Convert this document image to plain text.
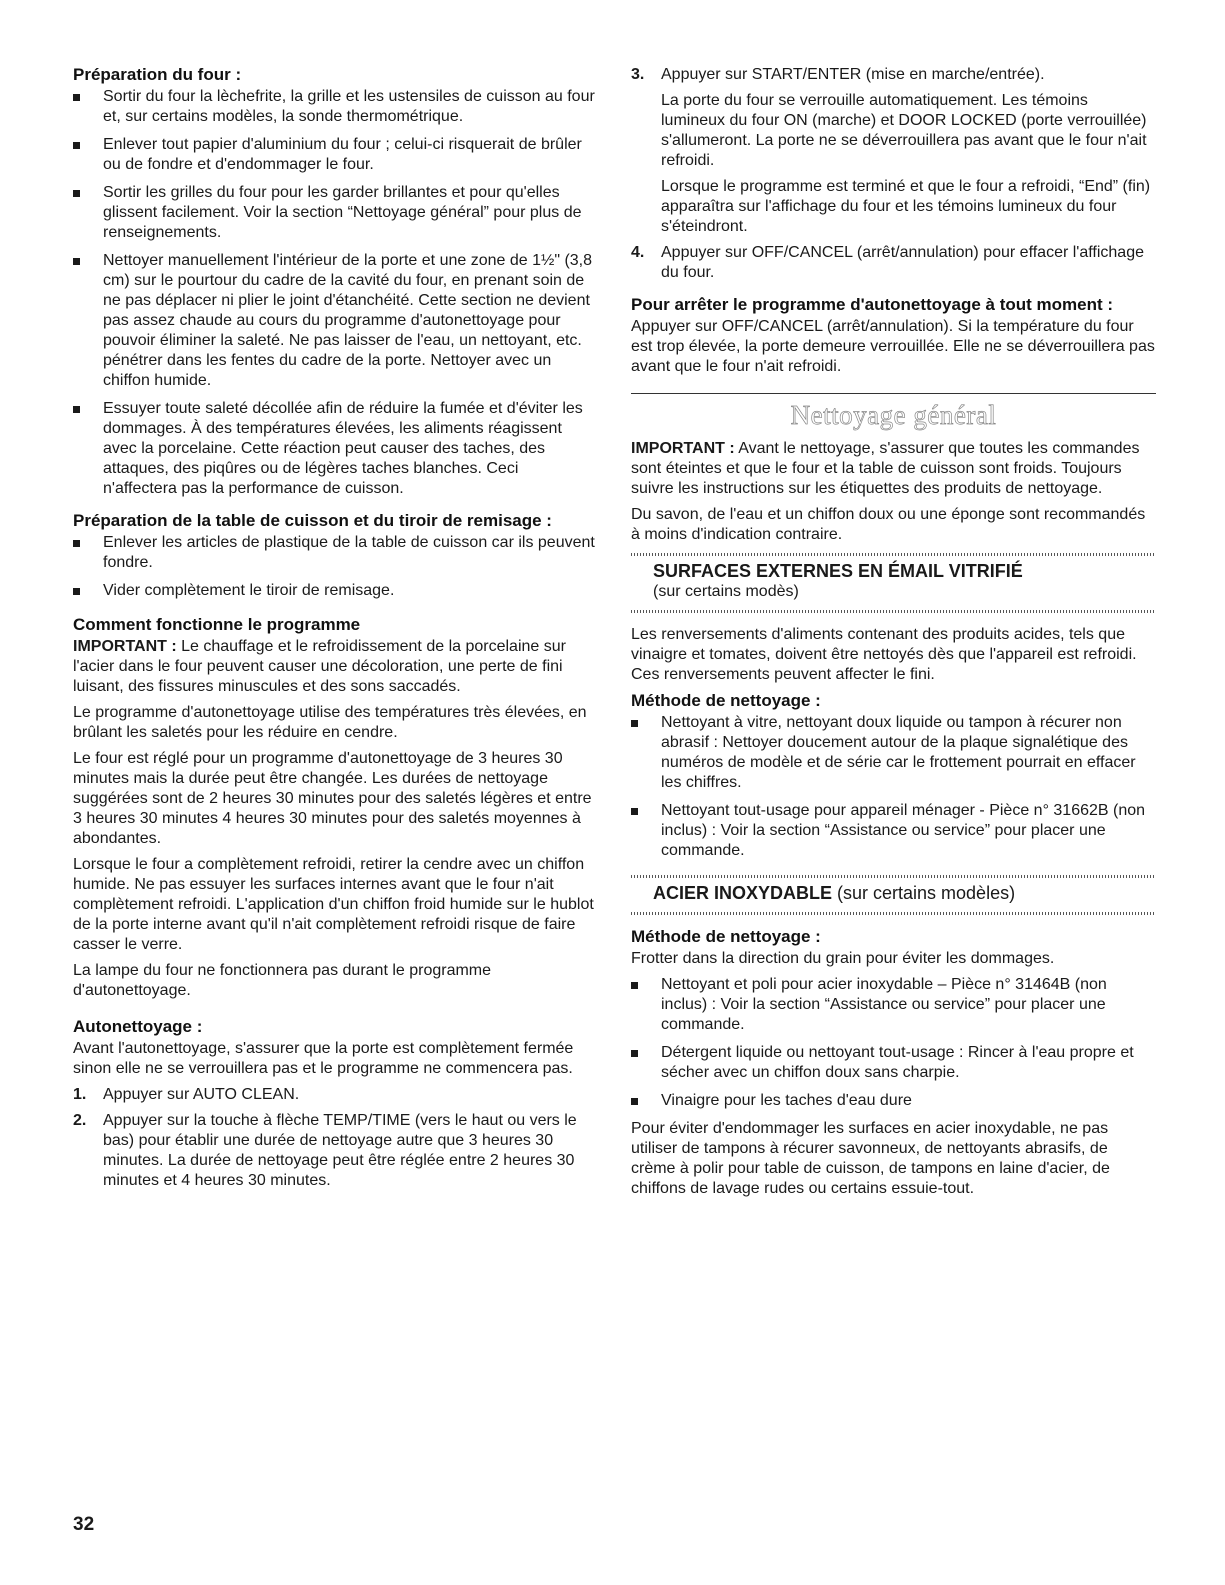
Préparation du four :
Sortir du four la lèchefrite, la grille et les ustensiles de cuisson au four et, sur certains modèles, la sonde thermométrique.
Enlever tout papier d'aluminium du four ; celui-ci risquerait de brûler ou de fondre et d'endommager le four.
Sortir les grilles du four pour les garder brillantes et pour qu'elles glissent facilement. Voir la section “Nettoyage général” pour plus de renseignements.
Nettoyer manuellement l'intérieur de la porte et une zone de 1½" (3,8 cm) sur le pourtour du cadre de la cavité du four, en prenant soin de ne pas déplacer ni plier le joint d'étanchéité. Cette section ne devient pas assez chaude au cours du programme d'autonettoyage pour pouvoir éliminer la saleté. Ne pas laisser de l'eau, un nettoyant, etc. pénétrer dans les fentes du cadre de la porte. Nettoyer avec un chiffon humide.
Essuyer toute saleté décollée afin de réduire la fumée et d'éviter les dommages. À des températures élevées, les aliments réagissent avec la porcelaine. Cette réaction peut causer des taches, des attaques, des piqûres ou de légères taches blanches. Ceci n'affectera pas la performance de cuisson.
Préparation de la table de cuisson et du tiroir de remisage :
Enlever les articles de plastique de la table de cuisson car ils peuvent fondre.
Vider complètement le tiroir de remisage.
Comment fonctionne le programme

IMPORTANT : Le chauffage et le refroidissement de la porcelaine sur l'acier dans le four peuvent causer une décoloration, une perte de fini luisant, des fissures minuscules et des sons saccadés.

Le programme d'autonettoyage utilise des températures très élevées, en brûlant les saletés pour les réduire en cendre.

Le four est réglé pour un programme d'autonettoyage de 3 heures 30 minutes mais la durée peut être changée. Les durées de nettoyage suggérées sont de 2 heures 30 minutes pour des saletés légères et entre 3 heures 30 minutes 4 heures 30 minutes pour des saletés moyennes à abondantes.

Lorsque le four a complètement refroidi, retirer la cendre avec un chiffon humide. Ne pas essuyer les surfaces internes avant que le four n'ait complètement refroidi. L'application d'un chiffon froid humide sur le hublot de la porte interne avant qu'il n'ait complètement refroidi risque de faire casser le verre.

La lampe du four ne fonctionnera pas durant le programme d'autonettoyage.

Autonettoyage :

Avant l'autonettoyage, s'assurer que la porte est complètement fermée sinon elle ne se verrouillera pas et le programme ne commencera pas.

1. Appuyer sur AUTO CLEAN.
2. Appuyer sur la touche à flèche TEMP/TIME (vers le haut ou vers le bas) pour établir une durée de nettoyage autre que 3 heures 30 minutes. La durée de nettoyage peut être réglée entre 2 heures 30 minutes et 4 heures 30 minutes.
3. Appuyer sur START/ENTER (mise en marche/entrée).

La porte du four se verrouille automatiquement. Les témoins lumineux du four ON (marche) et DOOR LOCKED (porte verrouillée) s'allumeront. La porte ne se déverrouillera pas avant que le four n'ait refroidi.

Lorsque le programme est terminé et que le four a refroidi, “End” (fin) apparaîtra sur l'affichage du four et les témoins lumineux du four s'éteindront.

4. Appuyer sur OFF/CANCEL (arrêt/annulation) pour effacer l'affichage du four.
Pour arrêter le programme d'autonettoyage à tout moment :

Appuyer sur OFF/CANCEL (arrêt/annulation). Si la température du four est trop élevée, la porte demeure verrouillée. Elle ne se déverrouillera pas avant que le four n'ait refroidi.

Nettoyage général

IMPORTANT : Avant le nettoyage, s'assurer que toutes les commandes sont éteintes et que le four et la table de cuisson sont froids. Toujours suivre les instructions sur les étiquettes des produits de nettoyage.

Du savon, de l'eau et un chiffon doux ou une éponge sont recommandés à moins d'indication contraire.

SURFACES EXTERNES EN ÉMAIL VITRIFIÉ
(sur certains modès)

Les renversements d'aliments contenant des produits acides, tels que vinaigre et tomates, doivent être nettoyés dès que l'appareil est refroidi. Ces renversements peuvent affecter le fini.

Méthode de nettoyage :
Nettoyant à vitre, nettoyant doux liquide ou tampon à récurer non abrasif : Nettoyer doucement autour de la plaque signalétique des numéros de modèle et de série car le frottement pourrait en effacer les chiffres.
Nettoyant tout-usage pour appareil ménager - Pièce n° 31662B (non inclus) : Voir la section “Assistance ou service” pour placer une commande.
ACIER INOXYDABLE (sur certains modèles)
Méthode de nettoyage :

Frotter dans la direction du grain pour éviter les dommages.

Nettoyant et poli pour acier inoxydable – Pièce n° 31464B (non inclus) : Voir la section “Assistance ou service” pour placer une commande.
Détergent liquide ou nettoyant tout-usage : Rincer à l'eau propre et sécher avec un chiffon doux sans charpie.
Vinaigre pour les taches d'eau dure

Pour éviter d'endommager les surfaces en acier inoxydable, ne pas utiliser de tampons à récurer savonneux, de nettoyants abrasifs, de crème à polir pour table de cuisson, de tampons en laine d'acier, de chiffons de lavage rudes ou certains essuie-tout.

32
